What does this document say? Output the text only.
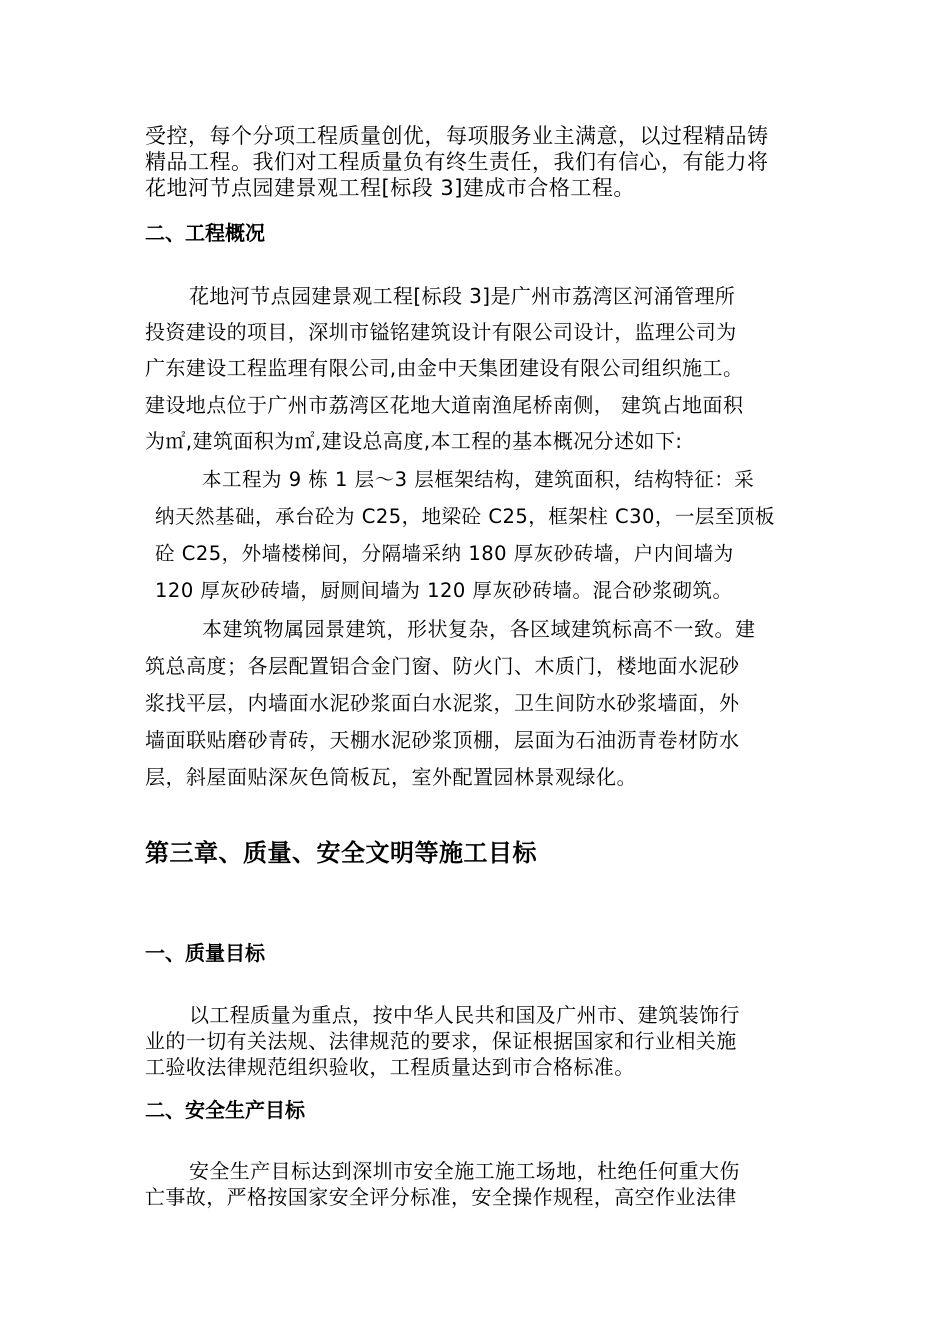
受控，每个分项工程质量创优，每项服务业主满意，以过程精品铸
精品工程。我们对工程质量负有终生责任，我们有信心，有能力将
花地河节点园建景观工程[标段 3]建成市合格工程。
二、工程概况
花地河节点园建景观工程[标段 3]是广州市荔湾区河涌管理所
投资建设的项目，深圳市镒铭建筑设计有限公司设计，监理公司为
广东建设工程监理有限公司,由金中天集团建设有限公司组织施工。
建设地点位于广州市荔湾区花地大道南渔尾桥南侧， 建筑占地面积
为㎡,建筑面积为㎡,建设总高度,本工程的基本概况分述如下:
本工程为 9 栋 1 层～3 层框架结构，建筑面积，结构特征：采
纳天然基础，承台砼为 C25，地梁砼 C25，框架柱 C30，一层至顶板
砼 C25，外墙楼梯间，分隔墙采纳 180 厚灰砂砖墙，户内间墙为
120 厚灰砂砖墙，厨厕间墙为 120 厚灰砂砖墙。混合砂浆砌筑。
本建筑物属园景建筑，形状复杂，各区域建筑标高不一致。建
筑总高度；各层配置铝合金门窗、防火门、木质门，楼地面水泥砂
浆找平层，内墙面水泥砂浆面白水泥浆，卫生间防水砂浆墙面，外
墙面联贴磨砂青砖，天棚水泥砂浆顶棚，层面为石油沥青卷材防水
层，斜屋面贴深灰色筒板瓦，室外配置园林景观绿化。
第三章、质量、安全文明等施工目标
一、质量目标
以工程质量为重点，按中华人民共和国及广州市、建筑装饰行
业的一切有关法规、法律规范的要求，保证根据国家和行业相关施
工验收法律规范组织验收，工程质量达到市合格标准。
二、安全生产目标
安全生产目标达到深圳市安全施工施工场地，杜绝任何重大伤
亡事故，严格按国家安全评分标准，安全操作规程，高空作业法律
